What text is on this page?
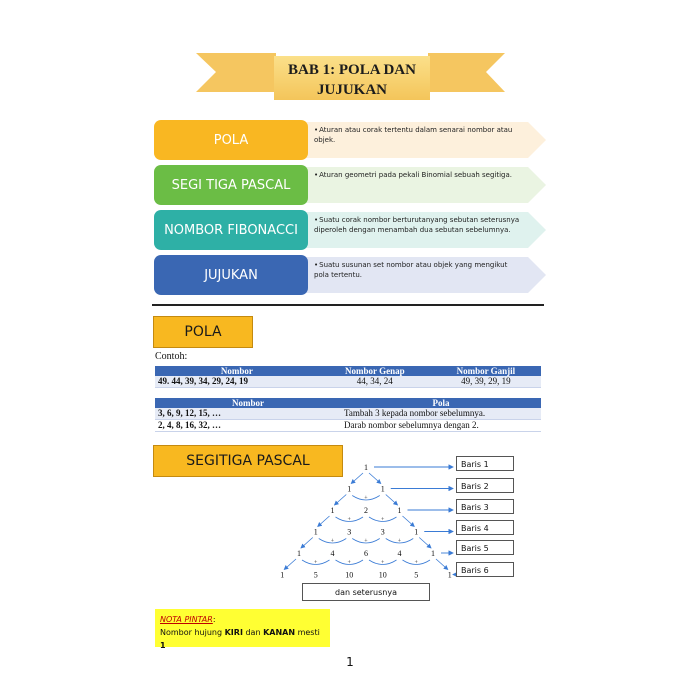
BAB 1: POLA DAN
JUJUKAN
POLA
• Aturan atau corak tertentu dalam senarai nombor atau objek.
SEGI TIGA PASCAL
• Aturan geometri pada pekali Binomial sebuah segitiga.
NOMBOR FIBONACCI
• Suatu corak nombor berturutanyang sebutan seterusnya diperoleh dengan menambah dua sebutan sebelumnya.
JUJUKAN
• Suatu susunan set nombor atau objek yang mengikut pola tertentu.
POLA
Contoh:
Nombor	Nombor Genap	Nombor Ganjil
49. 44, 39, 34, 29, 24, 19	44, 34, 24	49, 39, 29, 19
Nombor	Pola
3, 6, 9, 12, 15, …	Tambah 3 kepada nombor sebelumnya.
2, 4, 8, 16, 32, …	Darab nombor sebelumnya dengan 2.
SEGITIGA PASCAL	1
1	1
+
1	2	1
+	+
1	3	3	1
+	+	+
1	4	6	4	1
+	+	+	+
1	5	10	10	5	1
Baris 1
Baris 2
Baris 3
Baris 4
Baris 5
Baris 6
dan seterusnya
NOTA PINTAR:
Nombor hujung KIRI dan KANAN mesti 1
1
